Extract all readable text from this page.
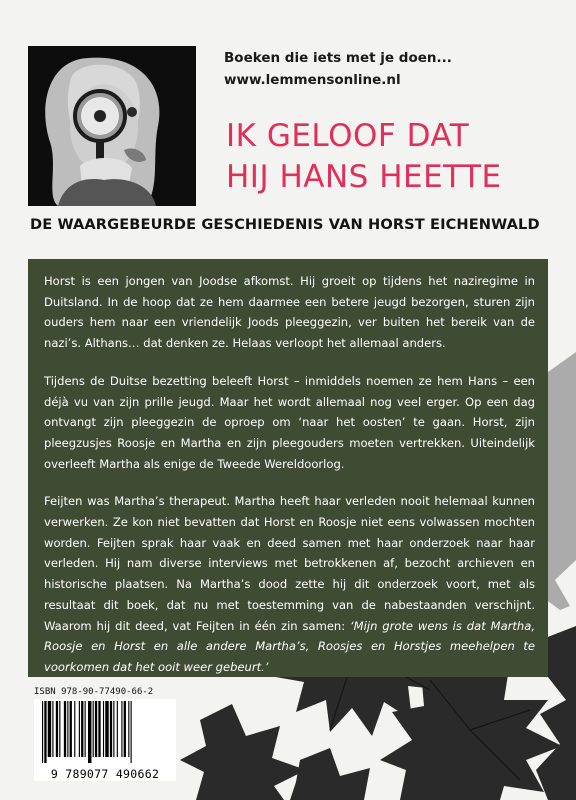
Boeken die iets met je doen...
www.lemmensonline.nl
IK GELOOF DAT
HIJ HANS HEETTE
DE WAARGEBEURDE GESCHIEDENIS VAN HORST EICHENWALD

Horst is een jongen van Joodse afkomst. Hij groeit op tijdens het naziregime in Duitsland. In de hoop dat ze hem daarmee een betere jeugd bezorgen, sturen zijn ouders hem naar een vriendelijk Joods pleeggezin, ver buiten het bereik van de nazi’s. Althans… dat denken ze. Helaas verloopt het allemaal anders.

Tijdens de Duitse bezetting beleeft Horst – inmiddels noemen ze hem Hans – een déjà vu van zijn prille jeugd. Maar het wordt allemaal nog veel erger. Op een dag ontvangt zijn pleeggezin de oproep om ‘naar het oosten’ te gaan. Horst, zijn pleegzusjes Roosje en Martha en zijn pleegouders moeten vertrekken. Uiteindelijk overleeft Martha als enige de Tweede Wereldoorlog.

Feijten was Martha’s therapeut. Martha heeft haar verleden nooit helemaal kunnen verwerken. Ze kon niet bevatten dat Horst en Roosje niet eens volwassen mochten worden. Feijten sprak haar vaak en deed samen met haar onderzoek naar haar verleden. Hij nam diverse interviews met betrokkenen af, bezocht archieven en historische plaatsen. Na Martha’s dood zette hij dit onderzoek voort, met als resultaat dit boek, dat nu met toestemming van de nabestaanden verschijnt. Waarom hij dit deed, vat Feijten in één zin samen: ‘Mijn grote wens is dat Martha, Roosje en Horst en alle andere Martha’s, Roosjes en Horstjes meehelpen te voorkomen dat het ooit weer gebeurt.’

ISBN 978-90-77490-66-2
9 789077 490662
